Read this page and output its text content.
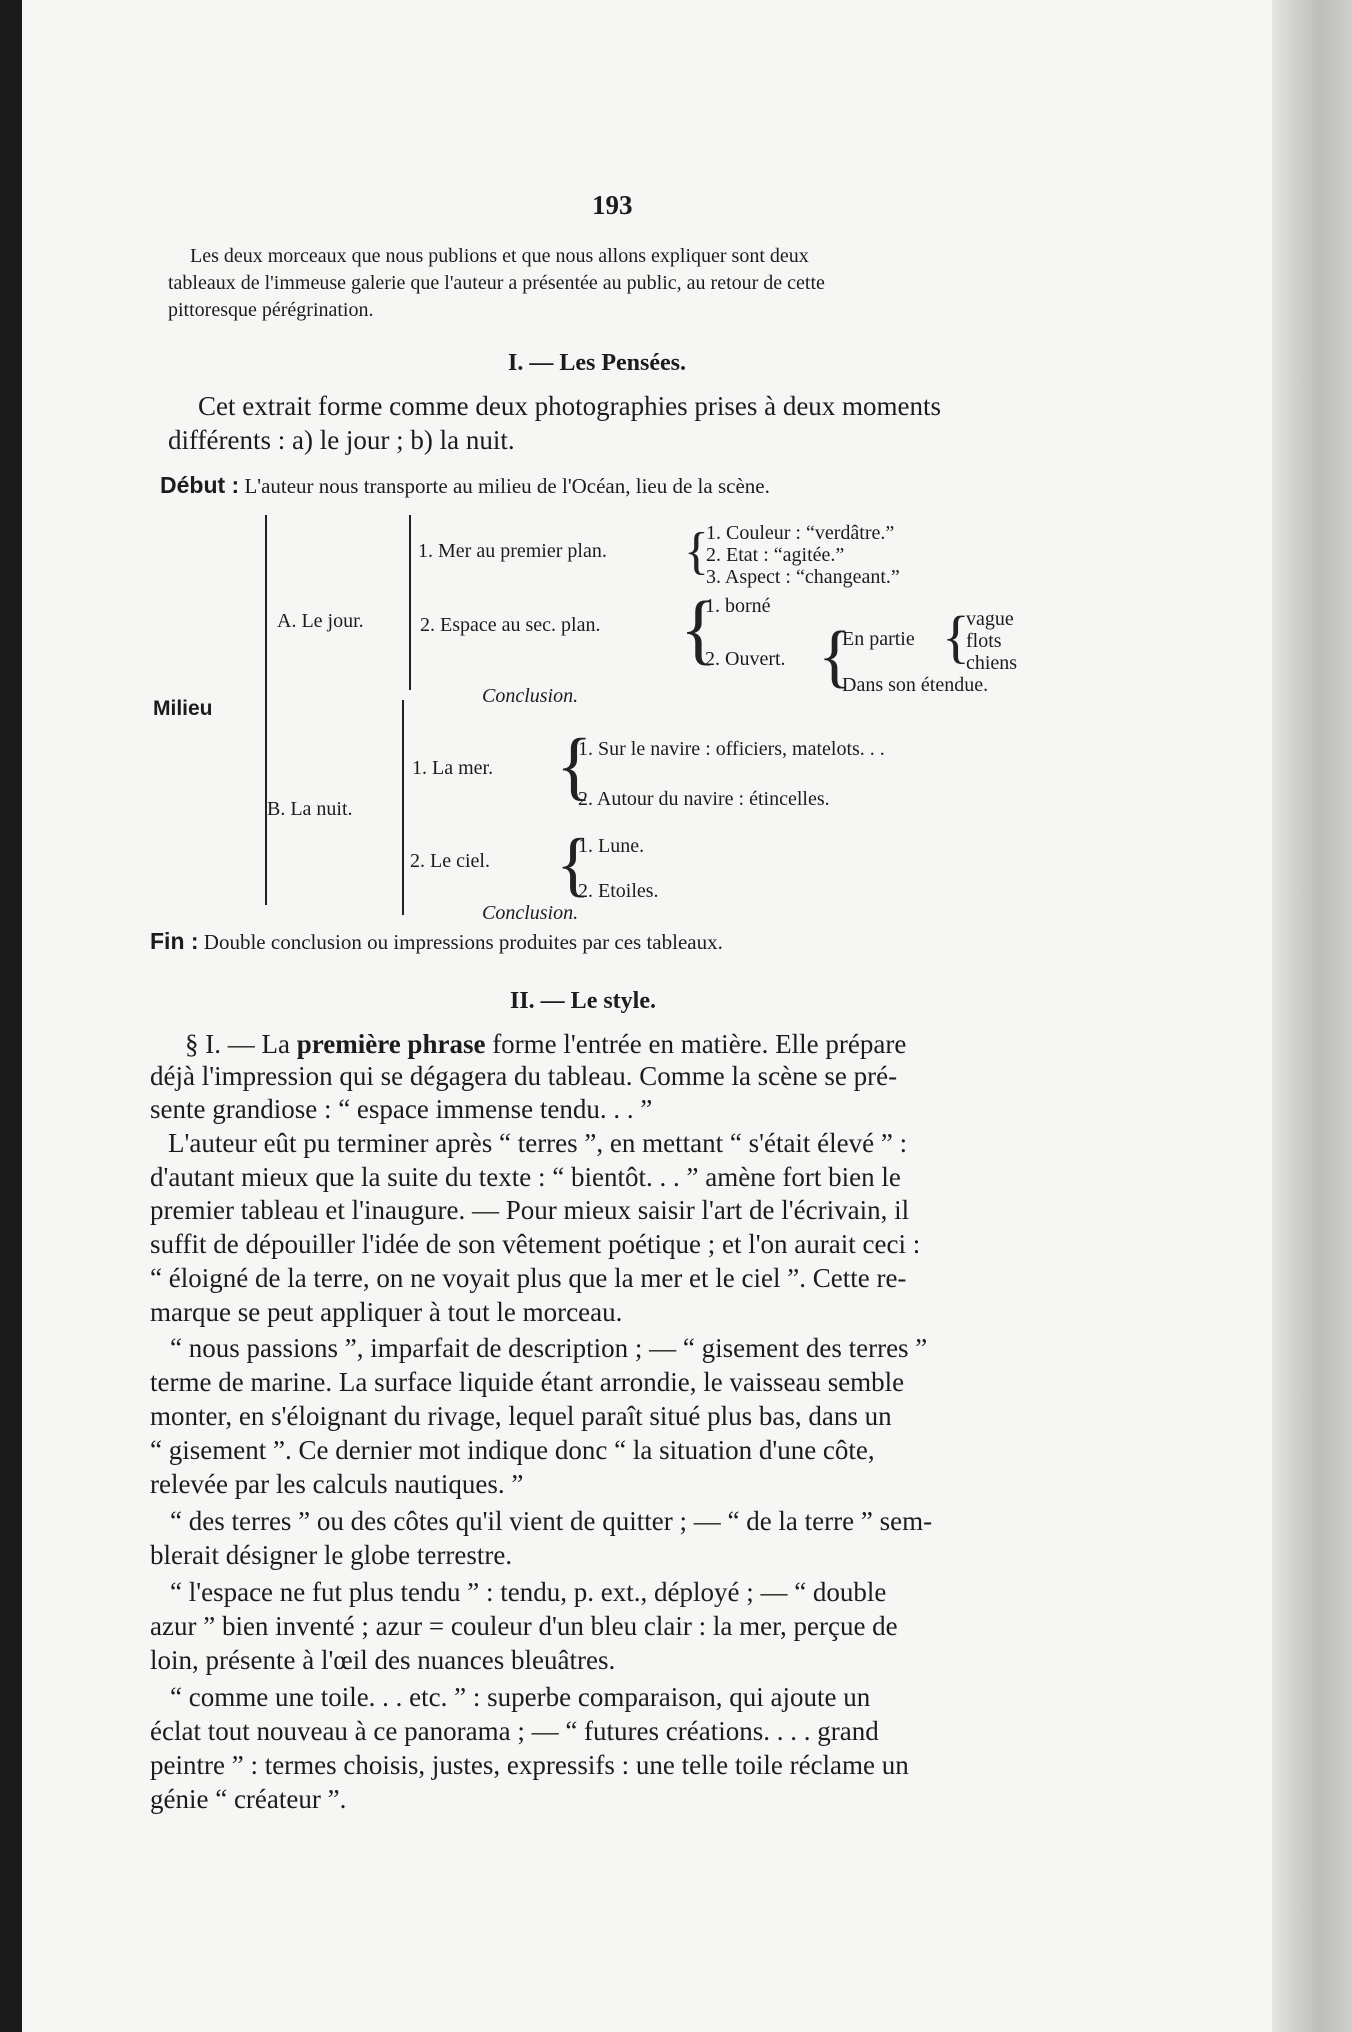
193
Les deux morceaux que nous publions et que nous allons expliquer sont deux
tableaux de l'immeuse galerie que l'auteur a présentée au public, au retour de cette
pittoresque pérégrination.
I. — Les Pensées.
Cet extrait forme comme deux photographies prises à deux moments
différents : a) le jour ; b) la nuit.
Début : L'auteur nous transporte au milieu de l'Océan, lieu de la scène.
Milieu
A. Le jour.
1. Mer au premier plan. {
1. Couleur : “verdâtre.”
2. Etat : “agitée.”
3. Aspect : “changeant.”
2. Espace au sec. plan. {
1. borné
2. Ouvert. {
En partie {
vague
flots
chiens
Dans son étendue.
Conclusion.
B. La nuit.
1. La mer. {
1. Sur le navire : officiers, matelots. . .
2. Autour du navire : étincelles.
2. Le ciel. {
1. Lune.
2. Etoiles.
Conclusion.
Fin : Double conclusion ou impressions produites par ces tableaux.
II. — Le style.
§ I. — La première phrase forme l'entrée en matière. Elle prépare
déjà l'impression qui se dégagera du tableau. Comme la scène se pré-
sente grandiose : “ espace immense tendu. . . ”
L'auteur eût pu terminer après “ terres ”, en mettant “ s'était élevé ” :
d'autant mieux que la suite du texte : “ bientôt. . . ” amène fort bien le
premier tableau et l'inaugure. — Pour mieux saisir l'art de l'écrivain, il
suffit de dépouiller l'idée de son vêtement poétique ; et l'on aurait ceci :
“ éloigné de la terre, on ne voyait plus que la mer et le ciel ”. Cette re-
marque se peut appliquer à tout le morceau.
“ nous passions ”, imparfait de description ; — “ gisement des terres ”
terme de marine. La surface liquide étant arrondie, le vaisseau semble
monter, en s'éloignant du rivage, lequel paraît situé plus bas, dans un
“ gisement ”. Ce dernier mot indique donc “ la situation d'une côte,
relevée par les calculs nautiques. ”
“ des terres ” ou des côtes qu'il vient de quitter ; — “ de la terre ” sem-
blerait désigner le globe terrestre.
“ l'espace ne fut plus tendu ” : tendu, p. ext., déployé ; — “ double
azur ” bien inventé ; azur = couleur d'un bleu clair : la mer, perçue de
loin, présente à l'œil des nuances bleuâtres.
“ comme une toile. . . etc. ” : superbe comparaison, qui ajoute un
éclat tout nouveau à ce panorama ; — “ futures créations. . . . grand
peintre ” : termes choisis, justes, expressifs : une telle toile réclame un
génie “ créateur ”.
